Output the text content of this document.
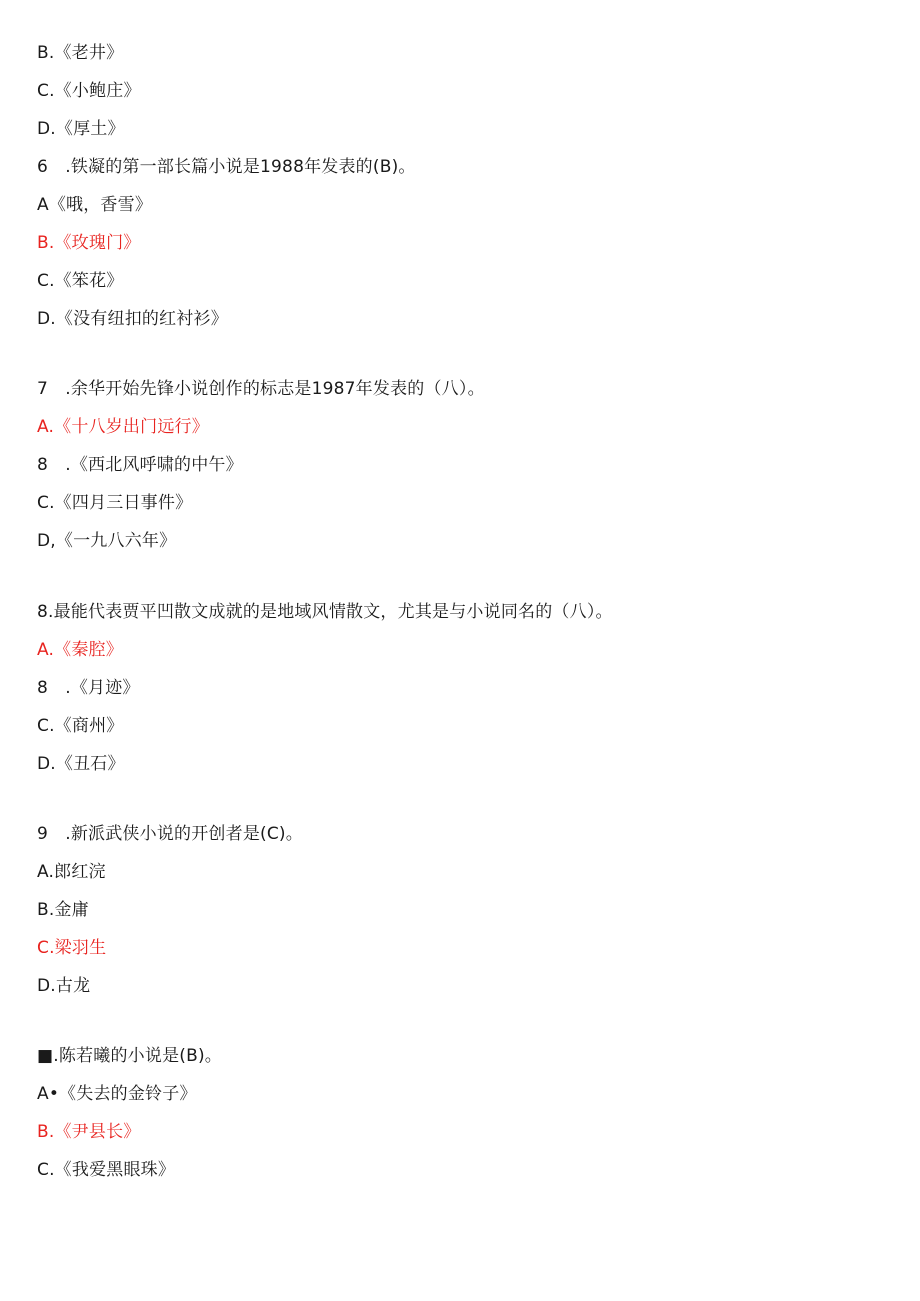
B.《老井》
C.《小鲍庄》
D.《厚土》
6　.铁凝的第一部长篇小说是1988年发表的(B)。
A《哦，香雪》
B.《玫瑰门》
C.《笨花》
D.《没有纽扣的红衬衫》
7　.余华开始先锋小说创作的标志是1987年发表的（八）。
A.《十八岁出门远行》
8　.《西北风呼啸的中午》
C.《四月三日事件》
D,《一九八六年》
8.最能代表贾平凹散文成就的是地域风情散文，尤其是与小说同名的（八）。
A.《秦腔》
8　.《月迹》
C.《商州》
D.《丑石》
9　.新派武侠小说的开创者是(C)。
A.郎红浣
B.金庸
C.梁羽生
D.古龙
■.陈若曦的小说是(B)。
A•《失去的金铃子》
B.《尹县长》
C.《我爱黑眼珠》
